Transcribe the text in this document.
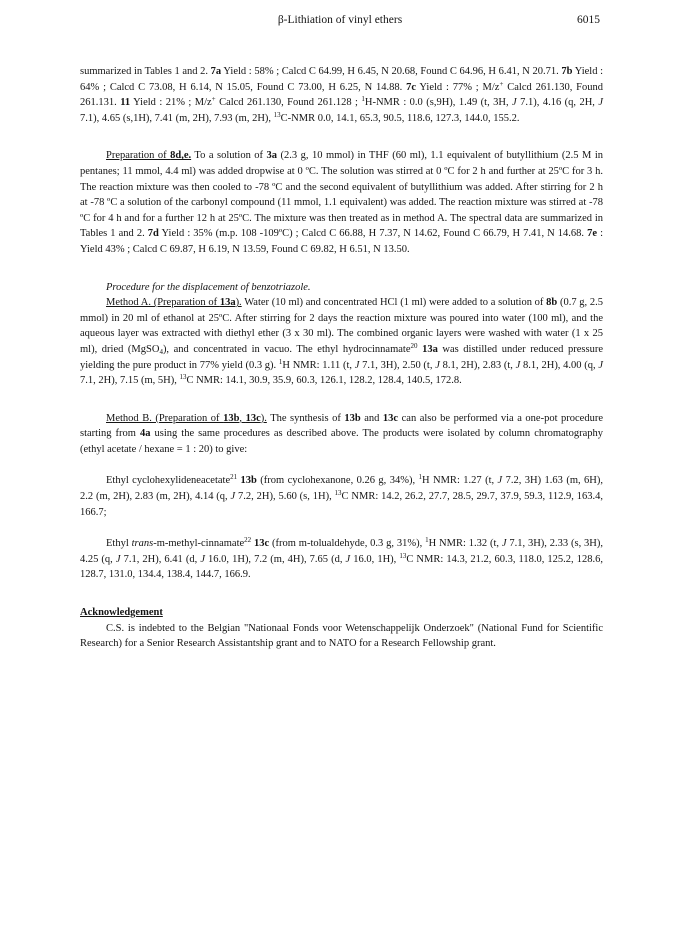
β-Lithiation of vinyl ethers	6015

summarized in Tables 1 and 2. 7a Yield : 58% ; Calcd C 64.99, H 6.45, N 20.68, Found C 64.96, H 6.41, N 20.71. 7b Yield : 64% ; Calcd C 73.08, H 6.14, N 15.05, Found C 73.00, H 6.25, N 14.88. 7c Yield : 77% ; M/z+ Calcd 261.130, Found 261.131. 11 Yield : 21% ; M/z+ Calcd 261.130, Found 261.128 ; $^1$H-NMR : 0.0 (s,9H), 1.49 (t, 3H, J 7.1), 4.16 (q, 2H, J 7.1), 4.65 (s,1H), 7.41 (m, 2H), 7.93 (m, 2H), $^{13}$C-NMR 0.0, 14.1, 65.3, 90.5, 118.6, 127.3, 144.0, 155.2.

Preparation of 8d,e. To a solution of 3a (2.3 g, 10 mmol) in THF (60 ml), 1.1 equivalent of butyllithium (2.5 M in pentanes; 11 mmol, 4.4 ml) was added dropwise at 0 ºC. The solution was stirred at 0 ºC for 2 h and further at 25ºC for 3 h. The reaction mixture was then cooled to -78 ºC and the second equivalent of butyllithium was added. After stirring for 2 h at -78 ºC a solution of the carbonyl compound (11 mmol, 1.1 equivalent) was added. The reaction mixture was stirred at -78 ºC for 4 h and for a further 12 h at 25ºC. The mixture was then treated as in method A. The spectral data are summarized in Tables 1 and 2. 7d Yield : 35% (m.p. 108 -109ºC) ; Calcd C 66.88, H 7.37, N 14.62, Found C 66.79, H 7.41, N 14.68. 7e : Yield 43% ; Calcd C 69.87, H 6.19, N 13.59, Found C 69.82, H 6.51, N 13.50.

Procedure for the displacement of benzotriazole.

Method A. (Preparation of 13a). Water (10 ml) and concentrated HCl (1 ml) were added to a solution of 8b (0.7 g, 2.5 mmol) in 20 ml of ethanol at 25ºC. After stirring for 2 days the reaction mixture was poured into water (100 ml), and the aqueous layer was extracted with diethyl ether (3 x 30 ml). The combined organic layers were washed with water (1 x 25 ml), dried (MgSO$_4$), and concentrated in vacuo. The ethyl hydrocinnamate$^{20}$ 13a was distilled under reduced pressure yielding the pure product in 77% yield (0.3 g). $^1$H NMR: 1.11 (t, J 7.1, 3H), 2.50 (t, J 8.1, 2H), 2.83 (t, J 8.1, 2H), 4.00 (q, J 7.1, 2H), 7.15 (m, 5H), $^{13}$C NMR: 14.1, 30.9, 35.9, 60.3, 126.1, 128.2, 128.4, 140.5, 172.8.

Method B. (Preparation of 13b, 13c). The synthesis of 13b and 13c can also be performed via a one-pot procedure starting from 4a using the same procedures as described above. The products were isolated by column chromatography (ethyl acetate / hexane = 1 : 20) to give:

Ethyl cyclohexylideneacetate$^{21}$ 13b (from cyclohexanone, 0.26 g, 34%), $^1$H NMR: 1.27 (t, J 7.2, 3H) 1.63 (m, 6H), 2.2 (m, 2H), 2.83 (m, 2H), 4.14 (q, J 7.2, 2H), 5.60 (s, 1H), $^{13}$C NMR: 14.2, 26.2, 27.7, 28.5, 29.7, 37.9, 59.3, 112.9, 163.4, 166.7;

Ethyl trans-m-methyl-cinnamate$^{22}$ 13c (from m-tolualdehyde, 0.3 g, 31%), $^1$H NMR: 1.32 (t, J 7.1, 3H), 2.33 (s, 3H), 4.25 (q, J 7.1, 2H), 6.41 (d, J 16.0, 1H), 7.2 (m, 4H), 7.65 (d, J 16.0, 1H), $^{13}$C NMR: 14.3, 21.2, 60.3, 118.0, 125.2, 128.6, 128.7, 131.0, 134.4, 138.4, 144.7, 166.9.

Acknowledgement

C.S. is indebted to the Belgian "Nationaal Fonds voor Wetenschappelijk Onderzoek" (National Fund for Scientific Research) for a Senior Research Assistantship grant and to NATO for a Research Fellowship grant.
